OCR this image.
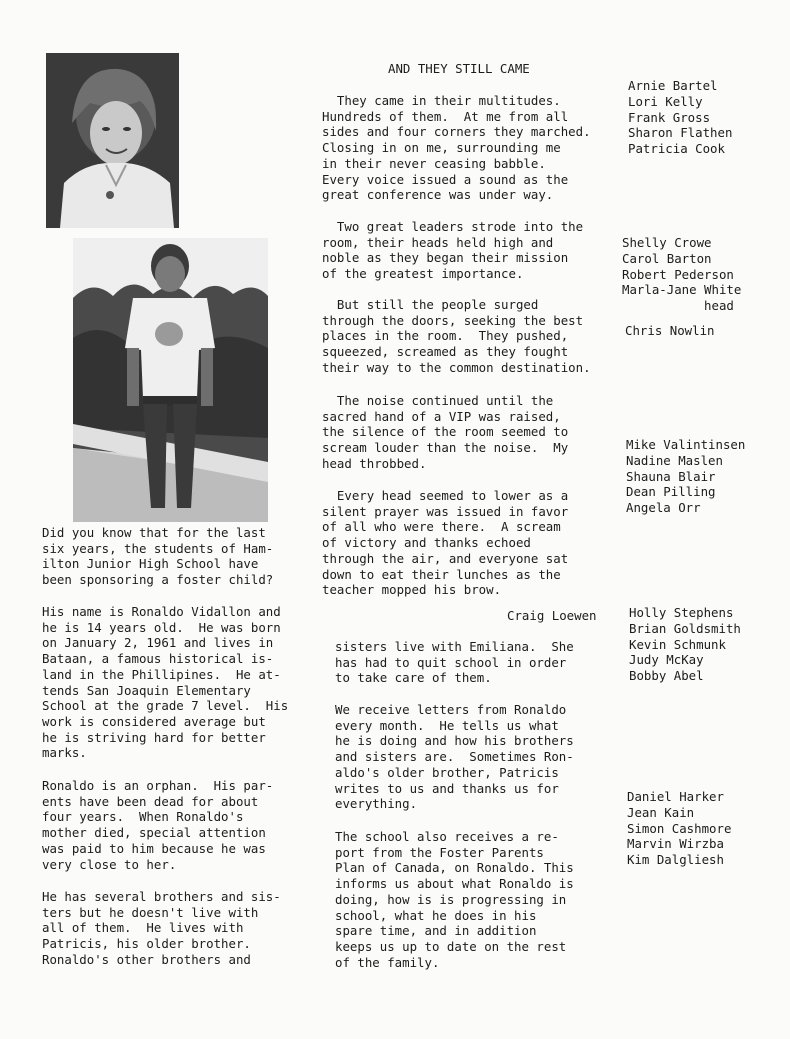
AND THEY STILL CAME

They came in their multitudes.
Hundreds of them.  At me from all
sides and four corners they marched.
Closing in on me, surrounding me
in their never ceasing babble.
Every voice issued a sound as the
great conference was under way.

Two great leaders strode into the
room, their heads held high and
noble as they began their mission
of the greatest importance.

But still the people surged
through the doors, seeking the best
places in the room.  They pushed,
squeezed, screamed as they fought
their way to the common destination.

The noise continued until the
sacred hand of a VIP was raised,
the silence of the room seemed to
scream louder than the noise.  My
head throbbed.

Every head seemed to lower as a
silent prayer was issued in favor
of all who were there.  A scream
of victory and thanks echoed
through the air, and everyone sat
down to eat their lunches as the
teacher mopped his brow.

Craig Loewen

Did you know that for the last
six years, the students of Ham-
ilton Junior High School have
been sponsoring a foster child?

His name is Ronaldo Vidallon and
he is 14 years old.  He was born
on January 2, 1961 and lives in
Bataan, a famous historical is-
land in the Phillipines.  He at-
tends San Joaquin Elementary
School at the grade 7 level.  His
work is considered average but
he is striving hard for better
marks.

Ronaldo is an orphan.  His par-
ents have been dead for about
four years.  When Ronaldo's
mother died, special attention
was paid to him because he was
very close to her.

He has several brothers and sis-
ters but he doesn't live with
all of them.  He lives with
Patricis, his older brother.
Ronaldo's other brothers and

sisters live with Emiliana.  She
has had to quit school in order
to take care of them.

We receive letters from Ronaldo
every month.  He tells us what
he is doing and how his brothers
and sisters are.  Sometimes Ron-
aldo's older brother, Patricis
writes to us and thanks us for
everything.

The school also receives a re-
port from the Foster Parents
Plan of Canada, on Ronaldo. This
informs us about what Ronaldo is
doing, how is is progressing in
school, what he does in his
spare time, and in addition
keeps us up to date on the rest
of the family.

Arnie Bartel
Lori Kelly
Frank Gross
Sharon Flathen
Patricia Cook

Shelly Crowe
Carol Barton
Robert Pederson
Marla-Jane White
head

Chris Nowlin

Mike Valintinsen
Nadine Maslen
Shauna Blair
Dean Pilling
Angela Orr

Holly Stephens
Brian Goldsmith
Kevin Schmunk
Judy McKay
Bobby Abel

Daniel Harker
Jean Kain
Simon Cashmore
Marvin Wirzba
Kim Dalgliesh
